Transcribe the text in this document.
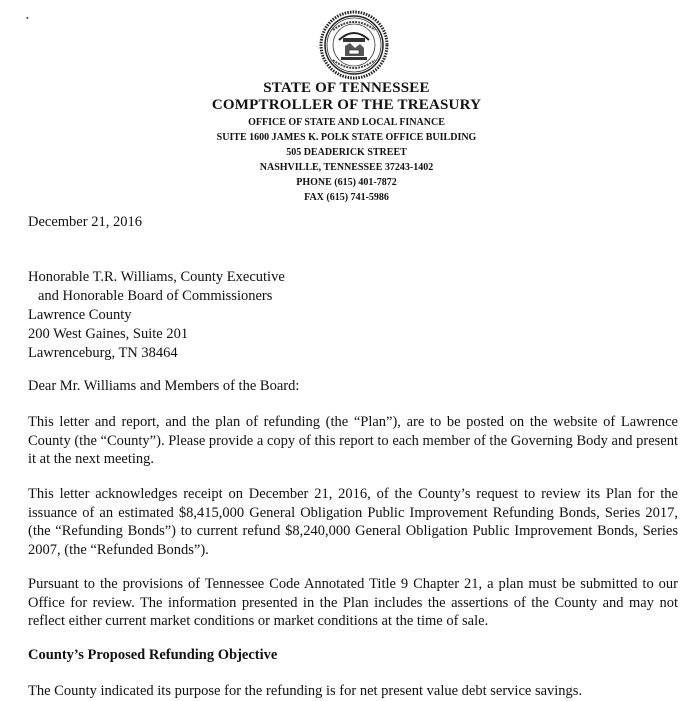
•
STATE OF TENNESSEE
COMPTROLLER OF THE TREASURY
OFFICE OF STATE AND LOCAL FINANCE
SUITE 1600 JAMES K. POLK STATE OFFICE BUILDING
505 DEADERICK STREET
NASHVILLE, TENNESSEE 37243-1402
PHONE (615) 401-7872
FAX (615) 741-5986
December 21, 2016
Honorable T.R. Williams, County Executive
and Honorable Board of Commissioners
Lawrence County
200 West Gaines, Suite 201
Lawrenceburg, TN 38464
Dear Mr. Williams and Members of the Board:
This letter and report, and the plan of refunding (the “Plan”), are to be posted on the website of Lawrence County (the “County”). Please provide a copy of this report to each member of the Governing Body and present it at the next meeting.
This letter acknowledges receipt on December 21, 2016, of the County’s request to review its Plan for the issuance of an estimated $8,415,000 General Obligation Public Improvement Refunding Bonds, Series 2017, (the “Refunding Bonds”) to current refund $8,240,000 General Obligation Public Improvement Bonds, Series 2007, (the “Refunded Bonds”).
Pursuant to the provisions of Tennessee Code Annotated Title 9 Chapter 21, a plan must be submitted to our Office for review. The information presented in the Plan includes the assertions of the County and may not reflect either current market conditions or market conditions at the time of sale.
County’s Proposed Refunding Objective
The County indicated its purpose for the refunding is for net present value debt service savings.
